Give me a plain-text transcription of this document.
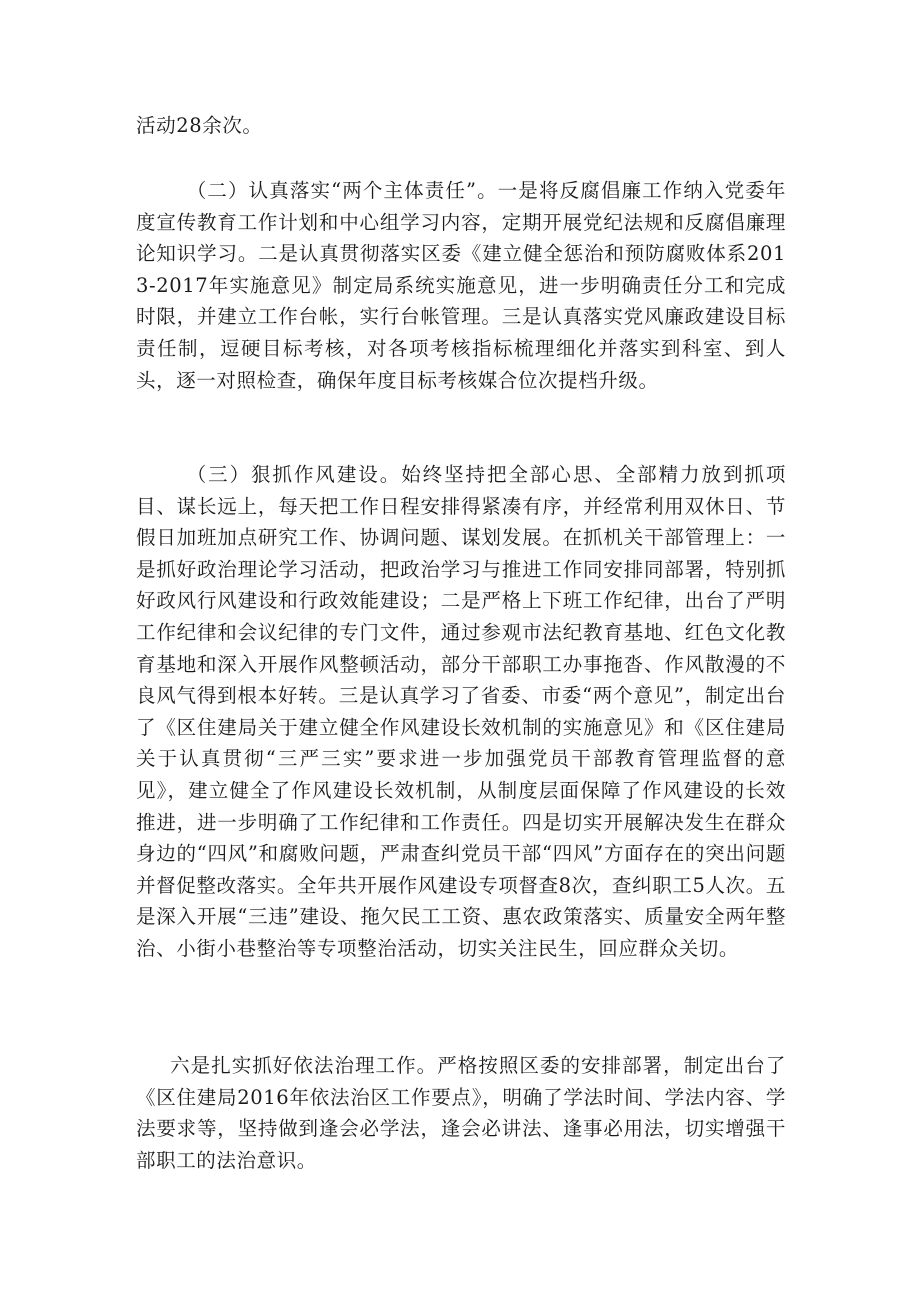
活动28余次。

（二）认真落实“两个主体责任”。一是将反腐倡廉工作纳入党委年度宣传教育工作计划和中心组学习内容，定期开展党纪法规和反腐倡廉理论知识学习。二是认真贯彻落实区委《建立健全惩治和预防腐败体系2013-2017年实施意见》制定局系统实施意见，进一步明确责任分工和完成时限，并建立工作台帐，实行台帐管理。三是认真落实党风廉政建设目标责任制，逗硬目标考核，对各项考核指标梳理细化并落实到科室、到人头，逐一对照检查，确保年度目标考核媒合位次提档升级。

（三）狠抓作风建设。始终坚持把全部心思、全部精力放到抓项目、谋长远上，每天把工作日程安排得紧凑有序，并经常利用双休日、节假日加班加点研究工作、协调问题、谋划发展。在抓机关干部管理上：一是抓好政治理论学习活动，把政治学习与推进工作同安排同部署，特别抓好政风行风建设和行政效能建设；二是严格上下班工作纪律，出台了严明工作纪律和会议纪律的专门文件，通过参观市法纪教育基地、红色文化教育基地和深入开展作风整顿活动，部分干部职工办事拖沓、作风散漫的不良风气得到根本好转。三是认真学习了省委、市委“两个意见”，制定出台了《区住建局关于建立健全作风建设长效机制的实施意见》和《区住建局关于认真贯彻“三严三实”要求进一步加强党员干部教育管理监督的意见》，建立健全了作风建设长效机制，从制度层面保障了作风建设的长效推进，进一步明确了工作纪律和工作责任。四是切实开展解决发生在群众身边的“四风”和腐败问题，严肃查纠党员干部“四风”方面存在的突出问题并督促整改落实。全年共开展作风建设专项督查8次，查纠职工5人次。五是深入开展“三违”建设、拖欠民工工资、惠农政策落实、质量安全两年整治、小街小巷整治等专项整治活动，切实关注民生，回应群众关切。

六是扎实抓好依法治理工作。严格按照区委的安排部署，制定出台了《区住建局2016年依法治区工作要点》，明确了学法时间、学法内容、学法要求等，坚持做到逢会必学法，逢会必讲法、逢事必用法，切实增强干部职工的法治意识。
